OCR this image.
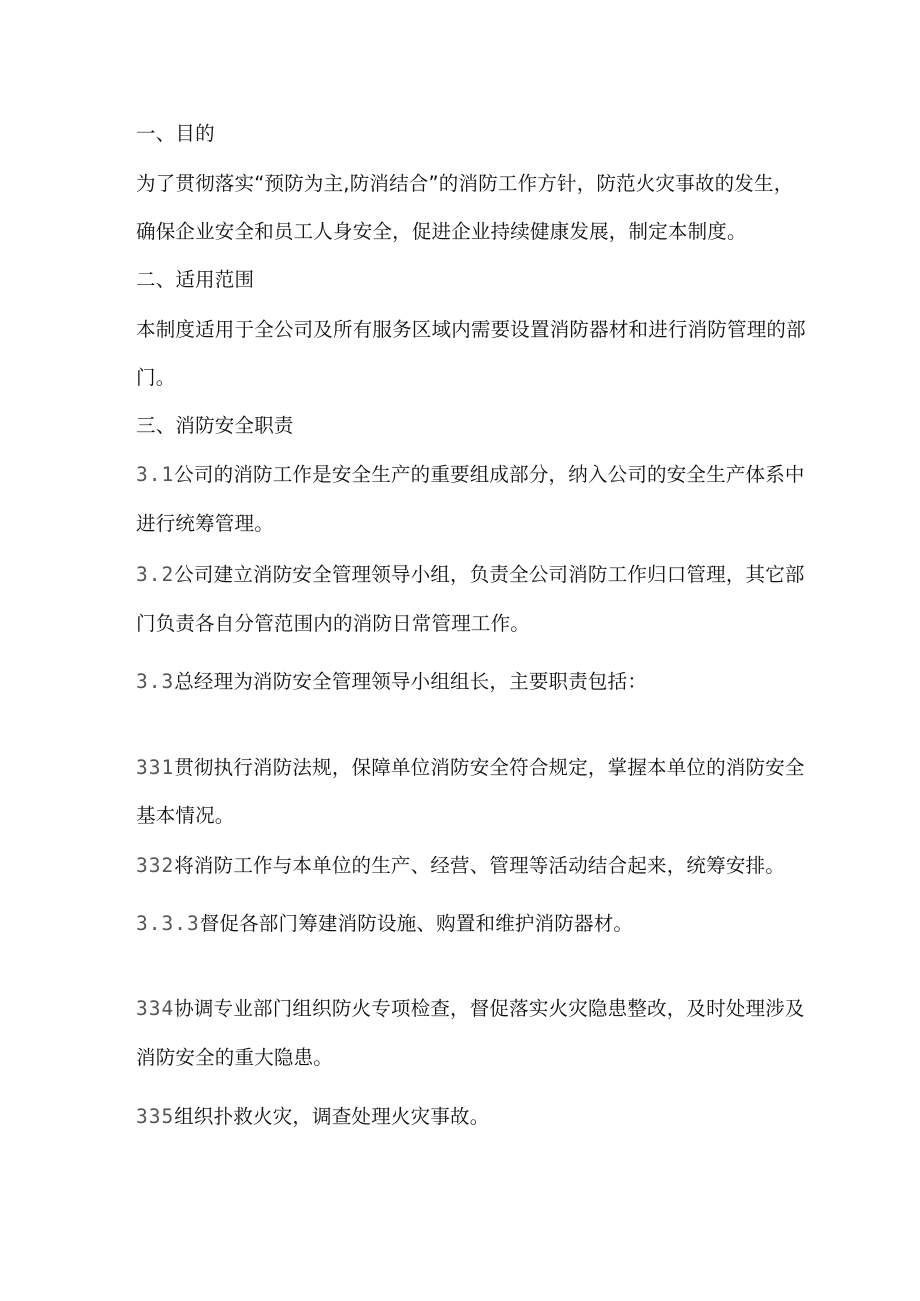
一、目的
为了贯彻落实“预防为主,防消结合”的消防工作方针，防范火灾事故的发生，
确保企业安全和员工人身安全，促进企业持续健康发展，制定本制度。
二、适用范围
本制度适用于全公司及所有服务区域内需要设置消防器材和进行消防管理的部
门。
三、消防安全职责
3.1公司的消防工作是安全生产的重要组成部分，纳入公司的安全生产体系中
进行统筹管理。
3.2公司建立消防安全管理领导小组，负责全公司消防工作归口管理，其它部
门负责各自分管范围内的消防日常管理工作。
3.3总经理为消防安全管理领导小组组长，主要职责包括：
331贯彻执行消防法规，保障单位消防安全符合规定，掌握本单位的消防安全
基本情况。
332将消防工作与本单位的生产、经营、管理等活动结合起来，统筹安排。
3.3.3督促各部门筹建消防设施、购置和维护消防器材。
334协调专业部门组织防火专项检查，督促落实火灾隐患整改，及时处理涉及
消防安全的重大隐患。
335组织扑救火灾，调查处理火灾事故。
